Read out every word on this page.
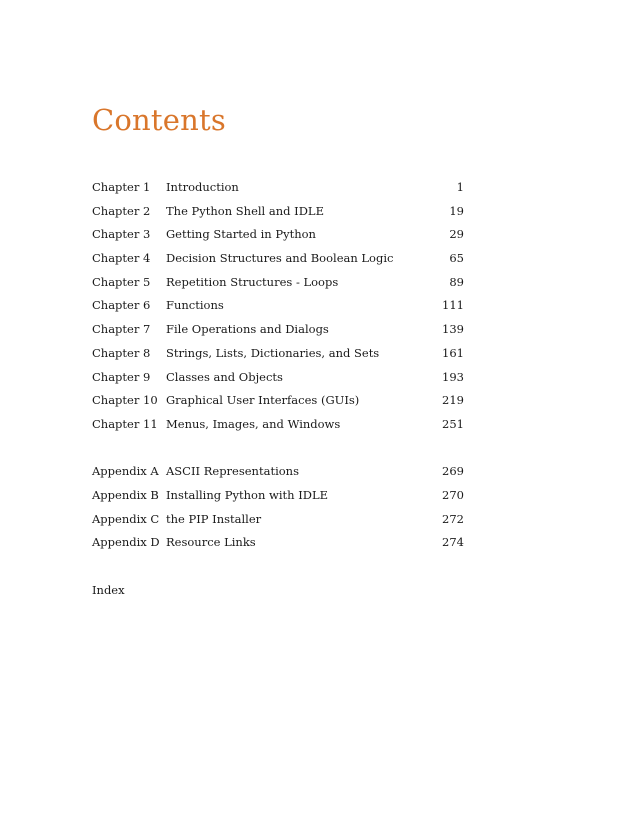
Contents
Chapter 1 Introduction	1
Chapter 2 The Python Shell and IDLE	19
Chapter 3 Getting Started in Python	29
Chapter 4 Decision Structures and Boolean Logic	65
Chapter 5 Repetition Structures - Loops	89
Chapter 6 Functions	111
Chapter 7 File Operations and Dialogs	139
Chapter 8 Strings, Lists, Dictionaries, and Sets	161
Chapter 9 Classes and Objects	193
Chapter 10 Graphical User Interfaces (GUIs)	219
Chapter 11 Menus, Images, and Windows	251
Appendix A ASCII Representations	269
Appendix B Installing Python with IDLE	270
Appendix C the PIP Installer	272
Appendix D Resource Links	274
Index
